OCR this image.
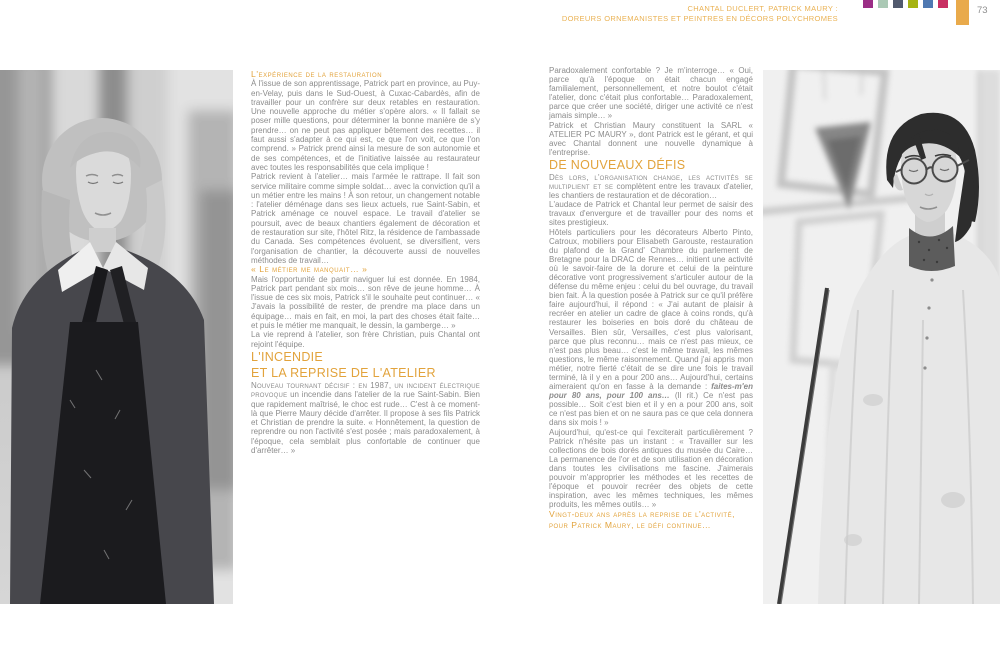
CHANTAL DUCLERT, PATRICK MAURY :
DOREURS ORNEMANISTES ET PEINTRES EN DÉCORS POLYCHROMES
73

L'expérience de la restauration

À l'issue de son apprentissage, Patrick part en province, au Puy-en-Velay, puis dans le Sud-Ouest, à Cuxac-Cabardès, afin de travailler pour un confrère sur deux retables en restauration. Une nouvelle approche du métier s'opère alors. « Il fallait se poser mille questions, pour déterminer la bonne manière de s'y prendre… on ne peut pas appliquer bêtement des recettes… il faut aussi s'adapter à ce qui est, ce que l'on voit, ce que l'on comprend. » Patrick prend ainsi la mesure de son autonomie et de ses compétences, et de l'initiative laissée au restaurateur avec toutes les responsabilités que cela implique !

Patrick revient à l'atelier… mais l'armée le rattrape. Il fait son service militaire comme simple soldat… avec la conviction qu'il a un métier entre les mains ! À son retour, un changement notable : l'atelier déménage dans ses lieux actuels, rue Saint-Sabin, et Patrick aménage ce nouvel espace. Le travail d'atelier se poursuit, avec de beaux chantiers également de décoration et de restauration sur site, l'hôtel Ritz, la résidence de l'ambassade du Canada. Ses compétences évoluent, se diversifient, vers l'organisation de chantier, la découverte aussi de nouvelles méthodes de travail…

« Le métier me manquait… »

Mais l'opportunité de partir naviguer lui est donnée. En 1984, Patrick part pendant six mois… son rêve de jeune homme… À l'issue de ces six mois, Patrick s'il le souhaite peut continuer… « J'avais la possibilité de rester, de prendre ma place dans un équipage… mais en fait, en moi, la part des choses était faite… et puis le métier me manquait, le dessin, la gamberge… »

La vie reprend à l'atelier, son frère Christian, puis Chantal ont rejoint l'équipe.

L'INCENDIE
ET LA REPRISE DE L'ATELIER

Nouveau tournant décisif : en 1987, un incident électrique provoque un incendie dans l'atelier de la rue Saint-Sabin. Bien que rapidement maîtrisé, le choc est rude… C'est à ce moment-là que Pierre Maury décide d'arrêter. Il propose à ses fils Patrick et Christian de prendre la suite. « Honnêtement, la question de reprendre ou non l'activité s'est posée ; mais paradoxalement, à l'époque, cela semblait plus confortable de continuer que d'arrêter… »

Paradoxalement confortable ? Je m'interroge… « Oui, parce qu'à l'époque on était chacun engagé familialement, personnellement, et notre boulot c'était l'atelier, donc c'était plus confortable… Paradoxalement, parce que créer une société, diriger une activité ce n'est jamais simple… »

Patrick et Christian Maury constituent la SARL « ATELIER PC MAURY », dont Patrick est le gérant, et qui avec Chantal donnent une nouvelle dynamique à l'entreprise.

DE NOUVEAUX DÉFIS

Dès lors, l'organisation change, les activités se multiplient et se complètent entre les travaux d'atelier, les chantiers de restauration et de décoration…

L'audace de Patrick et Chantal leur permet de saisir des travaux d'envergure et de travailler pour des noms et sites prestigieux.

Hôtels particuliers pour les décorateurs Alberto Pinto, Catroux, mobiliers pour Elisabeth Garouste, restauration du plafond de la Grand' Chambre du parlement de Bretagne pour la DRAC de Rennes… initient une activité où le savoir-faire de la dorure et celui de la peinture décorative vont progressivement s'articuler autour de la défense du même enjeu : celui du bel ouvrage, du travail bien fait. À la question posée à Patrick sur ce qu'il préfère faire aujourd'hui, il répond : « J'ai autant de plaisir à recréer en atelier un cadre de glace à coins ronds, qu'à restaurer les boiseries en bois doré du château de Versailles. Bien sûr, Versailles, c'est plus valorisant, parce que plus reconnu… mais ce n'est pas mieux, ce n'est pas plus beau… c'est le même travail, les mêmes questions, le même raisonnement. Quand j'ai appris mon métier, notre fierté c'était de se dire une fois le travail terminé, là il y en a pour 200 ans… Aujourd'hui, certains aimeraient qu'on en fasse à la demande : faites-m'en pour 80 ans, pour 100 ans… (Il rit.) Ce n'est pas possible… Soit c'est bien et il y en a pour 200 ans, soit ce n'est pas bien et on ne saura pas ce que cela donnera dans six mois ! »

Aujourd'hui, qu'est-ce qui l'exciterait particulièrement ? Patrick n'hésite pas un instant : « Travailler sur les collections de bois dorés antiques du musée du Caire… La permanence de l'or et de son utilisation en décoration dans toutes les civilisations me fascine. J'aimerais pouvoir m'approprier les méthodes et les recettes de l'époque et pouvoir recréer des objets de cette inspiration, avec les mêmes techniques, les mêmes produits, les mêmes outils… »

Vingt-deux ans après la reprise de l'activité,
pour Patrick Maury, le défi continue…
